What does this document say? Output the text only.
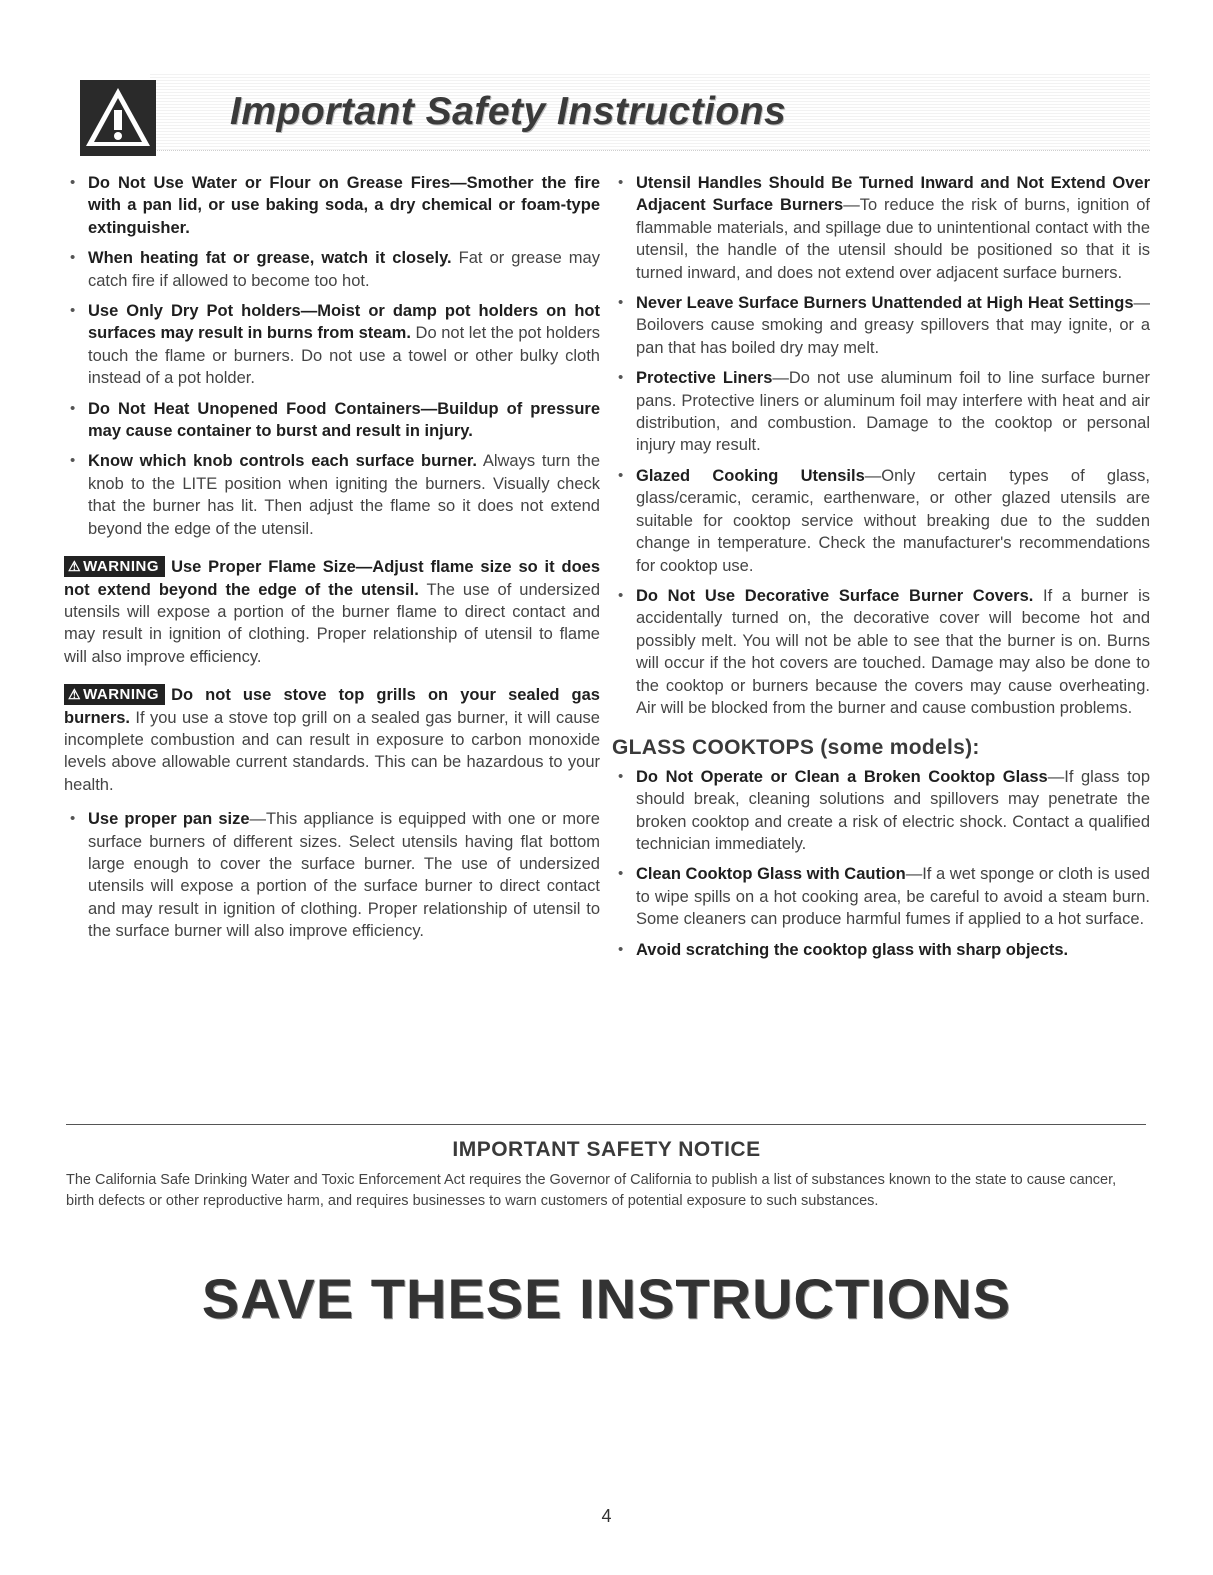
Important Safety Instructions
• Do Not Use Water or Flour on Grease Fires—Smother the fire with a pan lid, or use baking soda, a dry chemical or foam-type extinguisher.
• When heating fat or grease, watch it closely. Fat or grease may catch fire if allowed to become too hot.
• Use Only Dry Pot holders—Moist or damp pot holders on hot surfaces may result in burns from steam. Do not let the pot holders touch the flame or burners. Do not use a towel or other bulky cloth instead of a pot holder.
• Do Not Heat Unopened Food Containers—Buildup of pressure may cause container to burst and result in injury.
• Know which knob controls each surface burner. Always turn the knob to the LITE position when igniting the burners. Visually check that the burner has lit. Then adjust the flame so it does not extend beyond the edge of the utensil.
⚠ WARNING Use Proper Flame Size—Adjust flame size so it does not extend beyond the edge of the utensil. The use of undersized utensils will expose a portion of the burner flame to direct contact and may result in ignition of clothing. Proper relationship of utensil to flame will also improve efficiency.
⚠ WARNING Do not use stove top grills on your sealed gas burners. If you use a stove top grill on a sealed gas burner, it will cause incomplete combustion and can result in exposure to carbon monoxide levels above allowable current standards. This can be hazardous to your health.
• Use proper pan size—This appliance is equipped with one or more surface burners of different sizes. Select utensils having flat bottom large enough to cover the surface burner. The use of undersized utensils will expose a portion of the surface burner to direct contact and may result in ignition of clothing. Proper relationship of utensil to the surface burner will also improve efficiency.
• Utensil Handles Should Be Turned Inward and Not Extend Over Adjacent Surface Burners—To reduce the risk of burns, ignition of flammable materials, and spillage due to unintentional contact with the utensil, the handle of the utensil should be positioned so that it is turned inward, and does not extend over adjacent surface burners.
• Never Leave Surface Burners Unattended at High Heat Settings—Boilovers cause smoking and greasy spillovers that may ignite, or a pan that has boiled dry may melt.
• Protective Liners—Do not use aluminum foil to line surface burner pans. Protective liners or aluminum foil may interfere with heat and air distribution, and combustion. Damage to the cooktop or personal injury may result.
• Glazed Cooking Utensils—Only certain types of glass, glass/ceramic, ceramic, earthenware, or other glazed utensils are suitable for cooktop service without breaking due to the sudden change in temperature. Check the manufacturer's recommendations for cooktop use.
• Do Not Use Decorative Surface Burner Covers. If a burner is accidentally turned on, the decorative cover will become hot and possibly melt. You will not be able to see that the burner is on. Burns will occur if the hot covers are touched. Damage may also be done to the cooktop or burners because the covers may cause overheating. Air will be blocked from the burner and cause combustion problems.
GLASS COOKTOPS (some models):
• Do Not Operate or Clean a Broken Cooktop Glass—If glass top should break, cleaning solutions and spillovers may penetrate the broken cooktop and create a risk of electric shock. Contact a qualified technician immediately.
• Clean Cooktop Glass with Caution—If a wet sponge or cloth is used to wipe spills on a hot cooking area, be careful to avoid a steam burn. Some cleaners can produce harmful fumes if applied to a hot surface.
• Avoid scratching the cooktop glass with sharp objects.
IMPORTANT SAFETY NOTICE
The California Safe Drinking Water and Toxic Enforcement Act requires the Governor of California to publish a list of substances known to the state to cause cancer, birth defects or other reproductive harm, and requires businesses to warn customers of potential exposure to such substances.
SAVE THESE INSTRUCTIONS
4
